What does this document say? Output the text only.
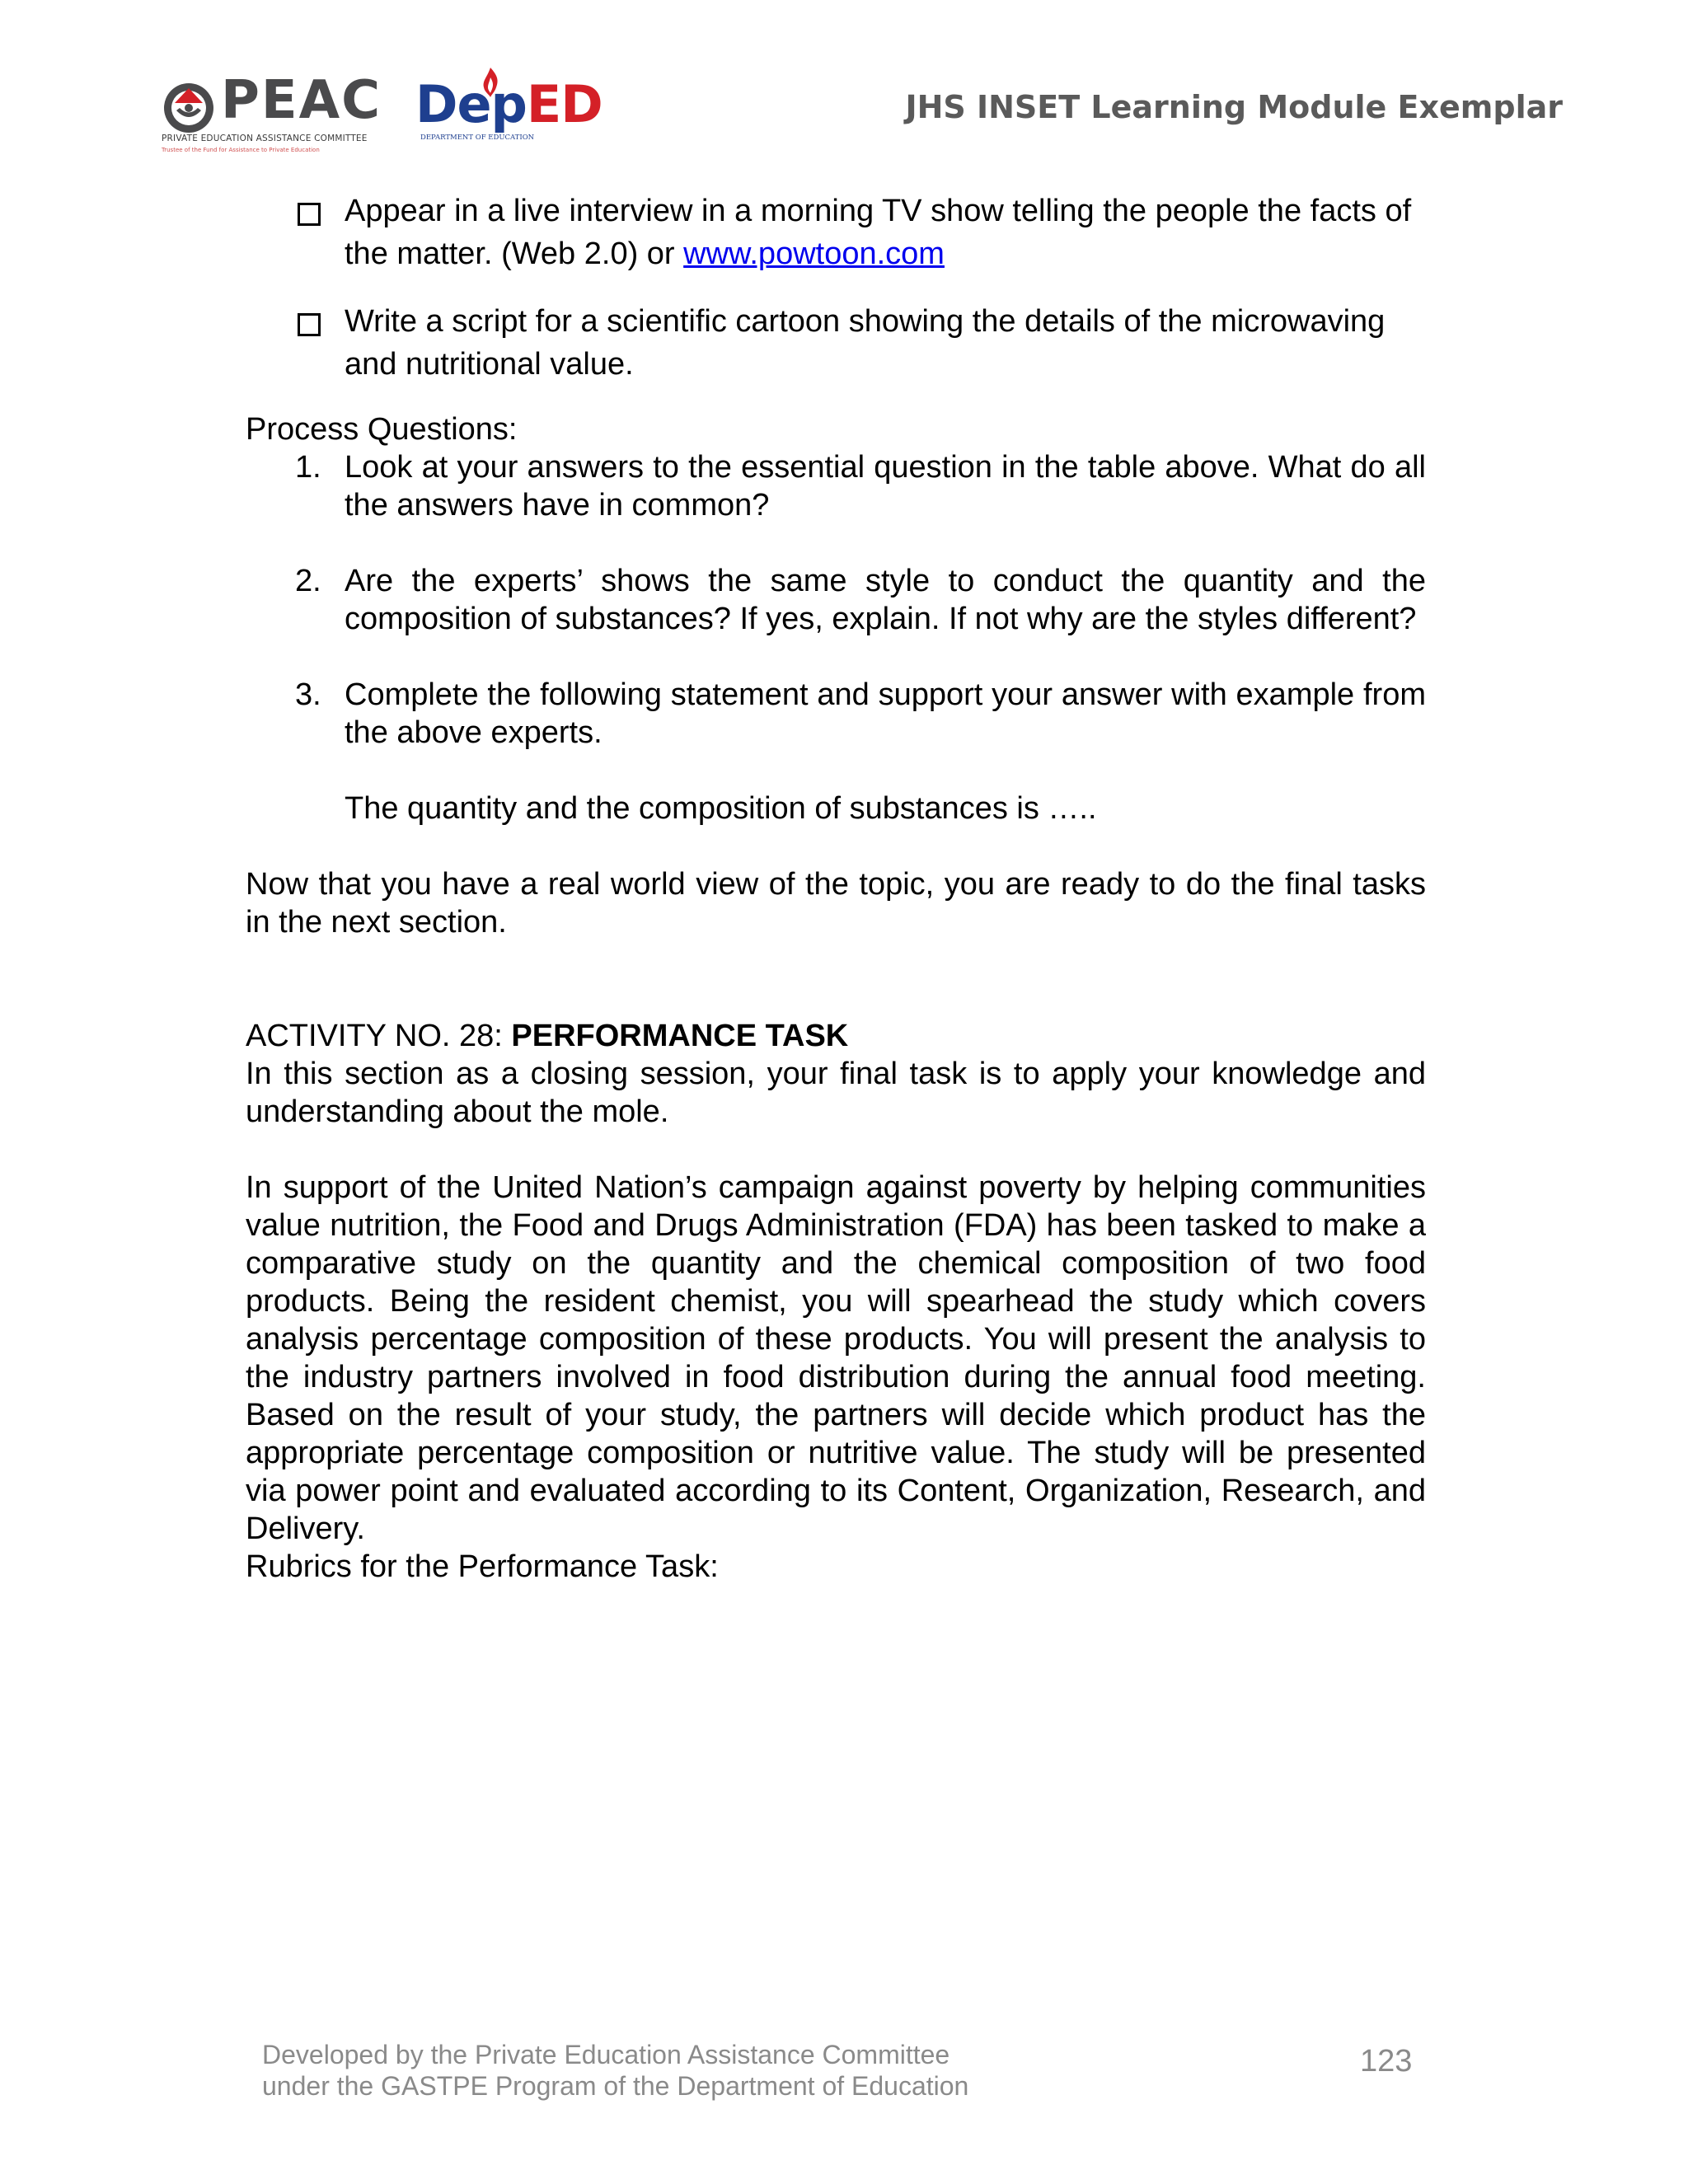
PEAC
PRIVATE EDUCATION ASSISTANCE COMMITTEE
Trustee of the Fund for Assistance to Private Education
DepED
DEPARTMENT OF EDUCATION
JHS INSET Learning Module Exemplar
Appear in a live interview in a morning TV show telling the people the facts of the matter. (Web 2.0) or www.powtoon.com
Write a script for a scientific cartoon showing the details of the microwaving and nutritional value.
Process Questions:
1. Look at your answers to the essential question in the table above. What do all the answers have in common?
2. Are the experts’ shows the same style to conduct the quantity and the composition of substances? If yes, explain. If not why are the styles different?
3. Complete the following statement and support your answer with example from the above experts.
The quantity and the composition of substances is …..
Now that you have a real world view of the topic, you are ready to do the final tasks in the next section.
ACTIVITY NO. 28: PERFORMANCE TASK
In this section as a closing session, your final task is to apply your knowledge and understanding about the mole.
In support of the United Nation’s campaign against poverty by helping communities value nutrition, the Food and Drugs Administration (FDA) has been tasked to make a comparative study on the quantity and the chemical composition of two food products. Being the resident chemist, you will spearhead the study which covers analysis percentage composition of these products. You will present the analysis to the industry partners involved in food distribution during the annual food meeting. Based on the result of your study, the partners will decide which product has the appropriate percentage composition or nutritive value. The study will be presented via power point and evaluated according to its Content, Organization, Research, and Delivery.
Rubrics for the Performance Task:
Developed by the Private Education Assistance Committee
under the GASTPE Program of the Department of Education
123
